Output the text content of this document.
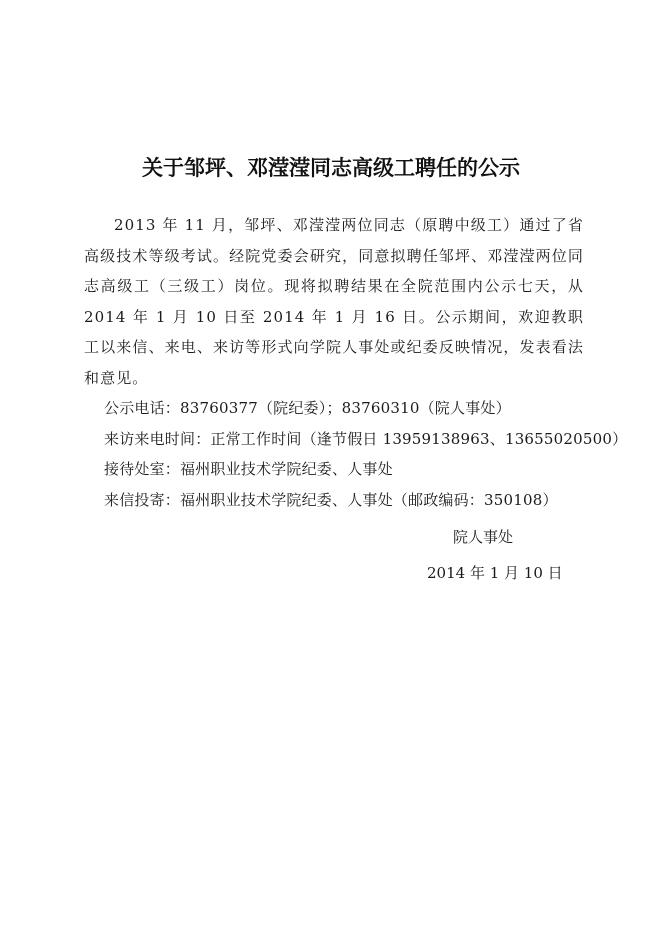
关于邹坪、邓滢滢同志高级工聘任的公示

2013 年 11 月，邹坪、邓滢滢两位同志（原聘中级工）通过了省高级技术等级考试。经院党委会研究，同意拟聘任邹坪、邓滢滢两位同志高级工（三级工）岗位。现将拟聘结果在全院范围内公示七天，从 2014 年 1 月 10 日至 2014 年 1 月 16 日。公示期间，欢迎教职工以来信、来电、来访等形式向学院人事处或纪委反映情况，发表看法和意见。

公示电话：83760377（院纪委）；83760310（院人事处）

来访来电时间：正常工作时间（逢节假日 13959138963、13655020500）

接待处室：福州职业技术学院纪委、人事处

来信投寄：福州职业技术学院纪委、人事处（邮政编码：350108）

院人事处

2014 年 1 月 10 日
